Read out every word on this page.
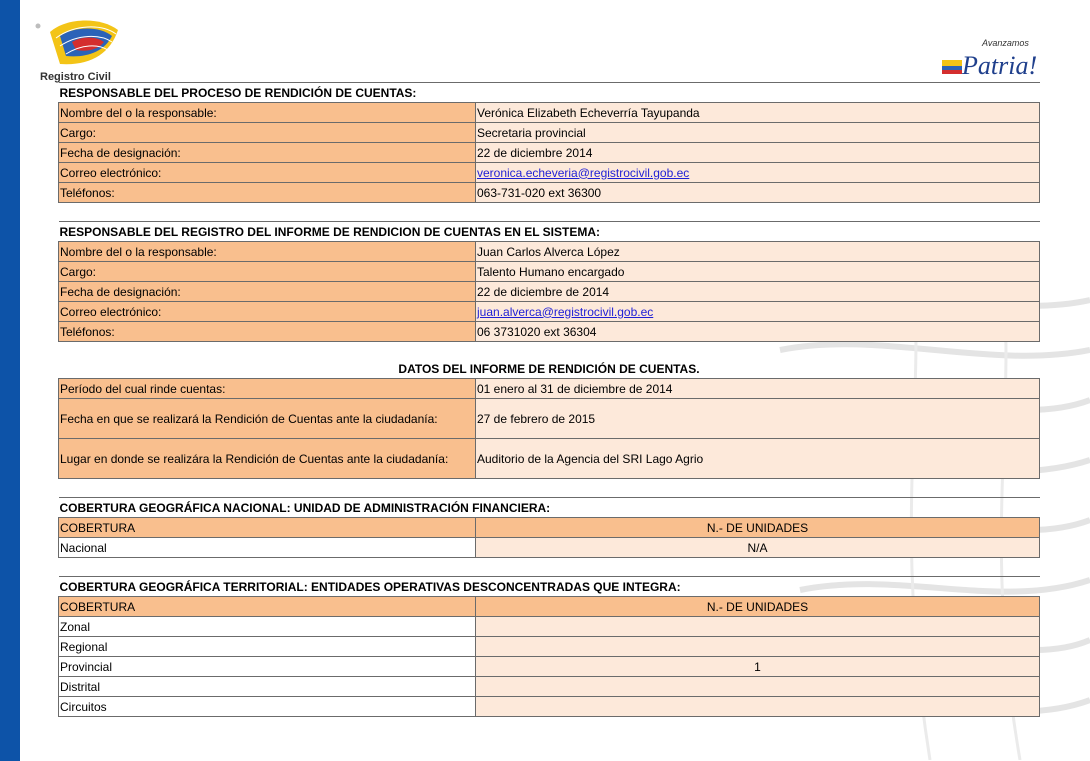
Registro Civil
Avanzamos
Patria!
RESPONSABLE DEL PROCESO DE RENDICIÓN DE CUENTAS:	
Nombre del o la responsable:	Verónica Elizabeth Echeverría Tayupanda
Cargo:	Secretaria provincial
Fecha de designación:	22 de diciembre 2014
Correo electrónico:	veronica.echeveria@registrocivil.gob.ec
Teléfonos:	063-731-020 ext 36300
RESPONSABLE DEL REGISTRO DEL INFORME DE RENDICION DE CUENTAS EN EL SISTEMA:	
Nombre del o la responsable:	Juan Carlos Alverca López
Cargo:	Talento Humano encargado
Fecha de designación:	22 de diciembre de 2014
Correo electrónico:	juan.alverca@registrocivil.gob.ec
Teléfonos:	06 3731020 ext 36304
DATOS DEL INFORME DE RENDICIÓN DE CUENTAS.
Período del cual rinde cuentas:	01 enero al 31 de diciembre de 2014
Fecha en que se realizará la Rendición de Cuentas ante la ciudadanía:	27 de febrero de 2015
Lugar en donde se realizára la Rendición de Cuentas ante la ciudadanía:	Auditorio de la Agencia del SRI Lago Agrio
COBERTURA GEOGRÁFICA NACIONAL: UNIDAD DE ADMINISTRACIÓN FINANCIERA:	
COBERTURA	N.- DE UNIDADES
Nacional	N/A
COBERTURA GEOGRÁFICA TERRITORIAL: ENTIDADES OPERATIVAS DESCONCENTRADAS QUE INTEGRA:	
COBERTURA	N.- DE UNIDADES
Zonal	
Regional	
Provincial	1
Distrital	
Circuitos	
